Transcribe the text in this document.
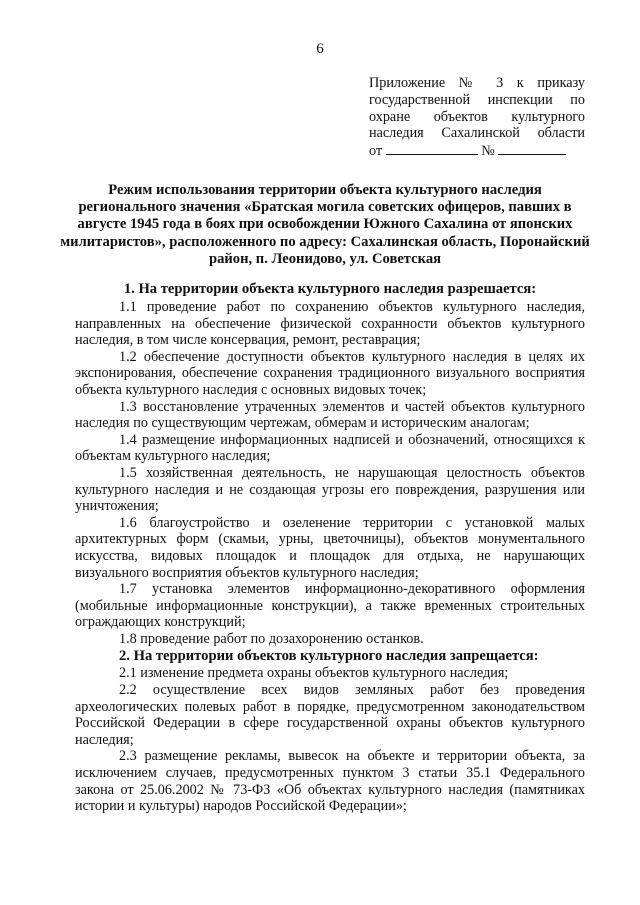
6
Приложение № 3 к приказу
государственной инспекции по
охране объектов культурного
наследия Сахалинской области
от	№
Режим использования территории объекта культурного наследия регионального значения «Братская могила советских офицеров, павших в августе 1945 года в боях при освобождении Южного Сахалина от японских милитаристов», расположенного по адресу: Сахалинская область, Поронайский район, п. Леонидово, ул. Советская
1. На территории объекта культурного наследия разрешается:

1.1 проведение работ по сохранению объектов культурного наследия, направленных на обеспечение физической сохранности объектов культурного наследия, в том числе консервация, ремонт, реставрация;

1.2 обеспечение доступности объектов культурного наследия в целях их экспонирования, обеспечение сохранения традиционного визуального восприятия объекта культурного наследия с основных видовых точек;

1.3 восстановление утраченных элементов и частей объектов культурного наследия по существующим чертежам, обмерам и историческим аналогам;

1.4 размещение информационных надписей и обозначений, относящихся к объектам культурного наследия;

1.5 хозяйственная деятельность, не нарушающая целостность объектов культурного наследия и не создающая угрозы его повреждения, разрушения или уничтожения;

1.6 благоустройство и озеленение территории с установкой малых архитектурных форм (скамьи, урны, цветочницы), объектов монументального искусства, видовых площадок и площадок для отдыха, не нарушающих визуального восприятия объектов культурного наследия;

1.7 установка элементов информационно-декоративного оформления (мобильные информационные конструкции), а также временных строительных ограждающих конструкций;

1.8 проведение работ по дозахоронению останков.

2. На территории объектов культурного наследия запрещается:

2.1 изменение предмета охраны объектов культурного наследия;

2.2 осуществление всех видов земляных работ без проведения археологических полевых работ в порядке, предусмотренном законодательством Российской Федерации в сфере государственной охраны объектов культурного наследия;

2.3 размещение рекламы, вывесок на объекте и территории объекта, за исключением случаев, предусмотренных пунктом 3 статьи 35.1 Федерального закона от 25.06.2002 № 73-ФЗ «Об объектах культурного наследия (памятниках истории и культуры) народов Российской Федерации»;
